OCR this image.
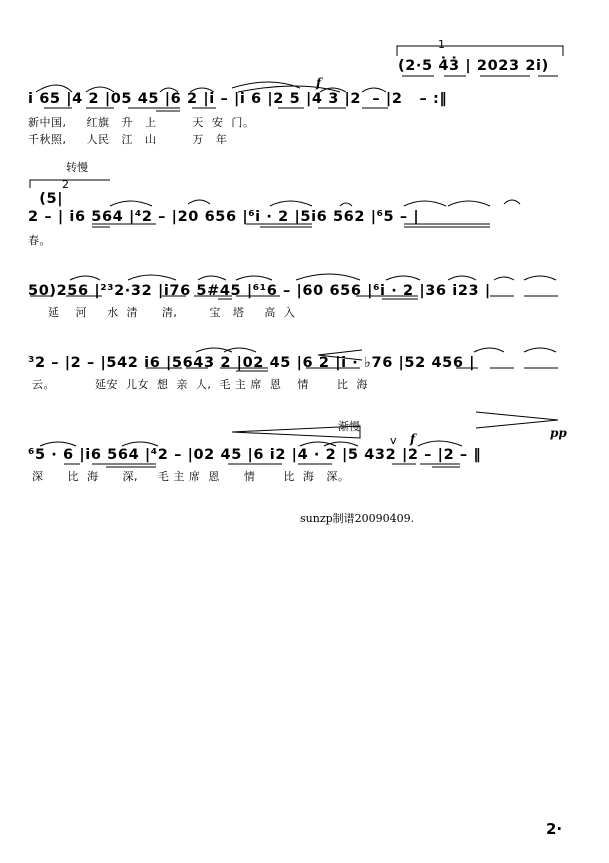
1
(2·5 4̇3̇ | 2023 2i)
f
i 65 |4 2 |05 45 |6 2 |i – |i 6 |2 5 |4 3 |2  – |2   – :‖
新中国,     红旗   升   上         天  安  门。
千秋照,     人民   江   山         万   年
转慢
2
(5|
2 – | i6 564 |⁴2 – |20 656 |⁶i · 2 |5i6 562 |⁶5 – |
春。
50)256 |²³2·32 |i76 5#45 |⁶¹6 – |60 656 |⁶i · 2 |36 i23 |
延    河     水  清      清,        宝   塔     高  入
³2 – |2 – |542 i6 |5643 2 |02 45 |6 2 |i · ♭76 |52 456 |
云。          延安  儿女  想  亲  人,  毛 主 席  恩    情       比  海
渐慢	pp
f
v
⁶5 · 6 |i6 564 |⁴2 – |02 45 |6 i2 |4 · 2 |5 432 |2 – |2 – ‖
深      比  海      深,     毛 主 席  恩      情       比  海   深。
sunzp制谱20090409.
2·
